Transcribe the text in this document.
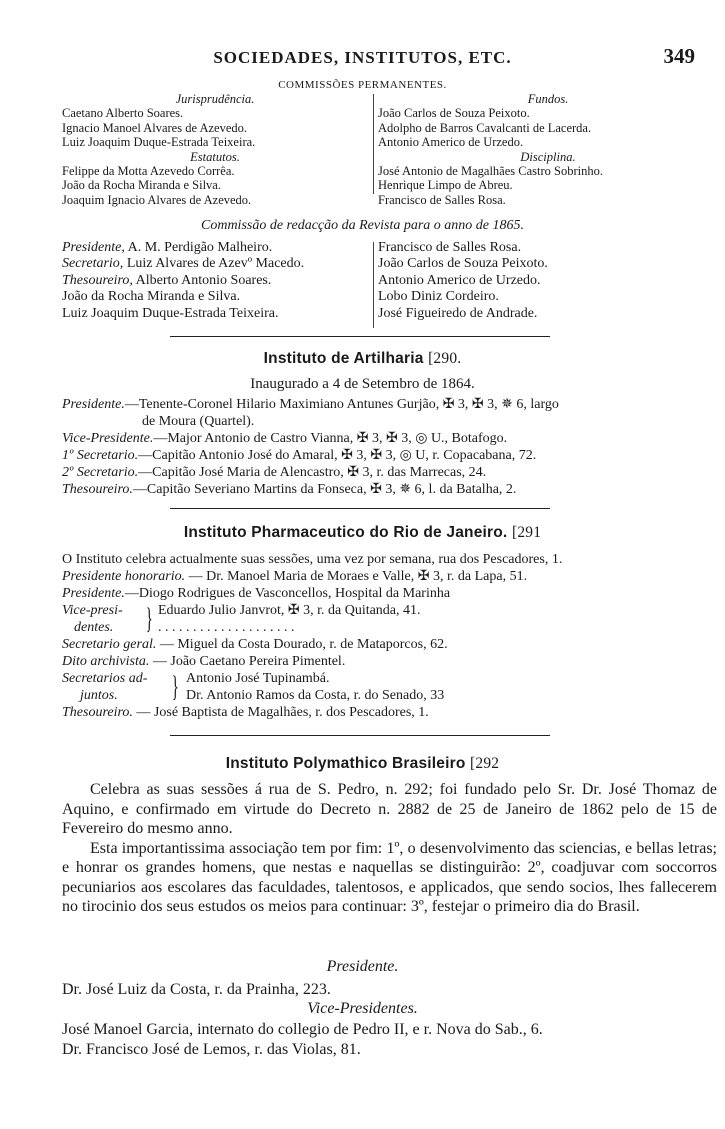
SOCIEDADES, INSTITUTOS, ETC.	349
COMMISSÕES PERMANENTES.
Jurisprudência.
Caetano Alberto Soares.
Ignacio Manoel Alvares de Azevedo.
Luiz Joaquim Duque-Estrada Teixeira.
Estatutos.
Felippe da Motta Azevedo Corrêa.
João da Rocha Miranda e Silva.
Joaquim Ignacio Alvares de Azevedo.
Fundos.
João Carlos de Souza Peixoto.
Adolpho de Barros Cavalcanti de Lacerda.
Antonio Americo de Urzedo.
Disciplina.
José Antonio de Magalhães Castro Sobrinho.
Henrique Limpo de Abreu.
Francisco de Salles Rosa.
Commissão de redacção da Revista para o anno de 1865.
Presidente, A. M. Perdigão Malheiro.
Secretario, Luiz Alvares de Azevº Macedo.
Thesoureiro, Alberto Antonio Soares.
João da Rocha Miranda e Silva.
Luiz Joaquim Duque-Estrada Teixeira.
Francisco de Salles Rosa.
João Carlos de Souza Peixoto.
Antonio Americo de Urzedo.
Lobo Diniz Cordeiro.
José Figueiredo de Andrade.
Instituto de Artilharia [290.
Inaugurado a 4 de Setembro de 1864.
Presidente.—Tenente-Coronel Hilario Maximiano Antunes Gurjão, ✠ 3, ✠ 3, ✵ 6, largo
de Moura (Quartel).
Vice-Presidente.—Major Antonio de Castro Vianna, ✠ 3, ✠ 3, ◎ U., Botafogo.
1º Secretario.—Capitão Antonio José do Amaral, ✠ 3, ✠ 3, ◎ U, r. Copacabana, 72.
2º Secretario.—Capitão José Maria de Alencastro, ✠ 3, r. das Marrecas, 24.
Thesoureiro.—Capitão Severiano Martins da Fonseca, ✠ 3, ✵ 6, l. da Batalha, 2.
Instituto Pharmaceutico do Rio de Janeiro. [291
O Instituto celebra actualmente suas sessões, uma vez por semana, rua dos Pescadores, 1.
Presidente honorario. — Dr. Manoel Maria de Moraes e Valle, ✠ 3, r. da Lapa, 51.
Presidente.—Diogo Rodrigues de Vasconcellos, Hospital da Marinha
Vice-presi-
dentes. } Eduardo Julio Janvrot, ✠ 3, r. da Quitanda, 41.
. . . . . . . . . . . . . . . . . . . .
Secretario geral. — Miguel da Costa Dourado, r. de Mataporcos, 62.
Dito archivista. — João Caetano Pereira Pimentel.
Secretarios ad-
juntos. } Antonio José Tupinambá.
Dr. Antonio Ramos da Costa, r. do Senado, 33
Thesoureiro. — José Baptista de Magalhães, r. dos Pescadores, 1.
Instituto Polymathico Brasileiro [292

Celebra as suas sessões á rua de S. Pedro, n. 292; foi fundado pelo Sr. Dr. José Thomaz de Aquino, e confirmado em virtude do Decreto n. 2882 de 25 de Janeiro de 1862 pelo de 15 de Fevereiro do mesmo anno.

Esta importantissima associação tem por fim: 1º, o desenvolvimento das sciencias, e bellas letras; e honrar os grandes homens, que nestas e naquellas se distinguirão: 2º, coadjuvar com soccorros pecuniarios aos escolares das faculdades, talentosos, e applicados, que sendo socios, lhes fallecerem no tirocinio dos seus estudos os meios para continuar: 3º, festejar o primeiro dia do Brasil.

Presidente.
Dr. José Luiz da Costa, r. da Prainha, 223.
Vice-Presidentes.
José Manoel Garcia, internato do collegio de Pedro II, e r. Nova do Sab., 6.
Dr. Francisco José de Lemos, r. das Violas, 81.
